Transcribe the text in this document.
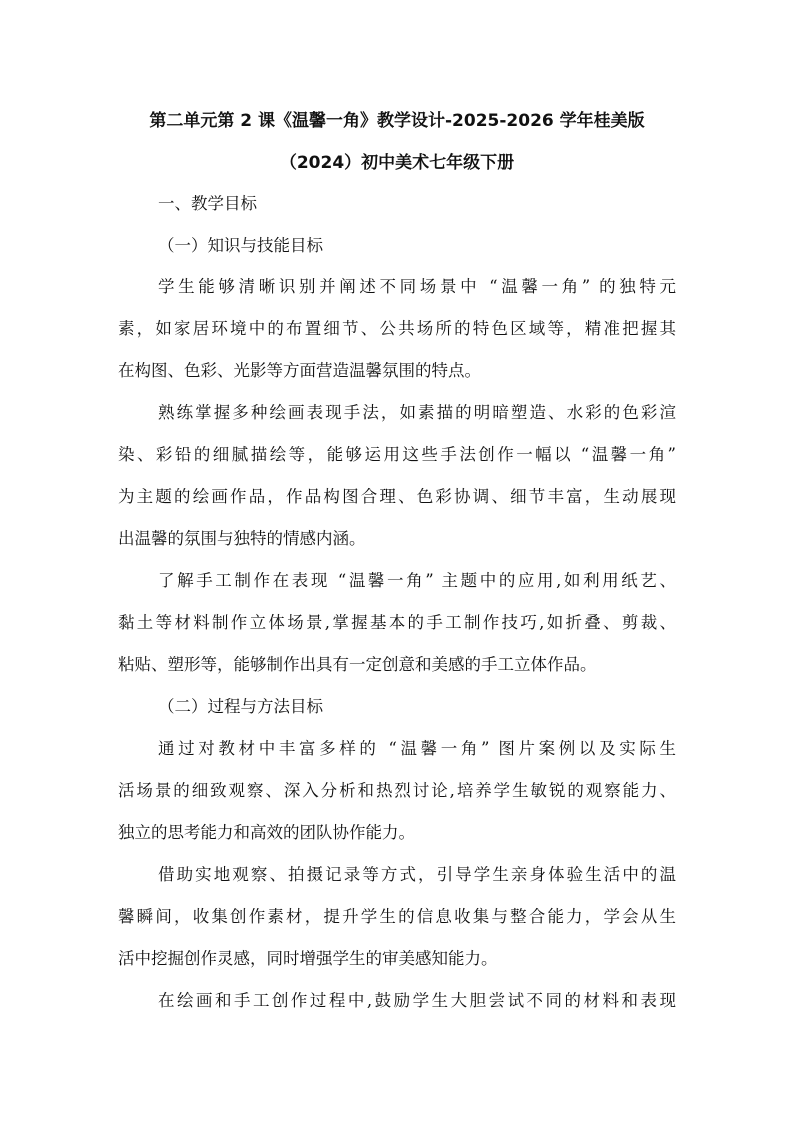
第二单元第 2 课《温馨一角》教学设计-2025-2026 学年桂美版
（2024）初中美术七年级下册
一、教学目标
（一）知识与技能目标
学生能够清晰识别并阐述不同场景中 “温馨一角” 的独特元
素，如家居环境中的布置细节、公共场所的特色区域等，精准把握其
在构图、色彩、光影等方面营造温馨氛围的特点。
熟练掌握多种绘画表现手法，如素描的明暗塑造、水彩的色彩渲
染、彩铅的细腻描绘等，能够运用这些手法创作一幅以 “温馨一角”
为主题的绘画作品，作品构图合理、色彩协调、细节丰富，生动展现
出温馨的氛围与独特的情感内涵。
了解手工制作在表现 “温馨一角” 主题中的应用,如利用纸艺、
黏土等材料制作立体场景,掌握基本的手工制作技巧,如折叠、剪裁、
粘贴、塑形等，能够制作出具有一定创意和美感的手工立体作品。
（二）过程与方法目标
通过对教材中丰富多样的 “温馨一角” 图片案例以及实际生
活场景的细致观察、深入分析和热烈讨论,培养学生敏锐的观察能力、
独立的思考能力和高效的团队协作能力。
借助实地观察、拍摄记录等方式，引导学生亲身体验生活中的温
馨瞬间，收集创作素材，提升学生的信息收集与整合能力，学会从生
活中挖掘创作灵感，同时增强学生的审美感知能力。
在绘画和手工创作过程中,鼓励学生大胆尝试不同的材料和表现
